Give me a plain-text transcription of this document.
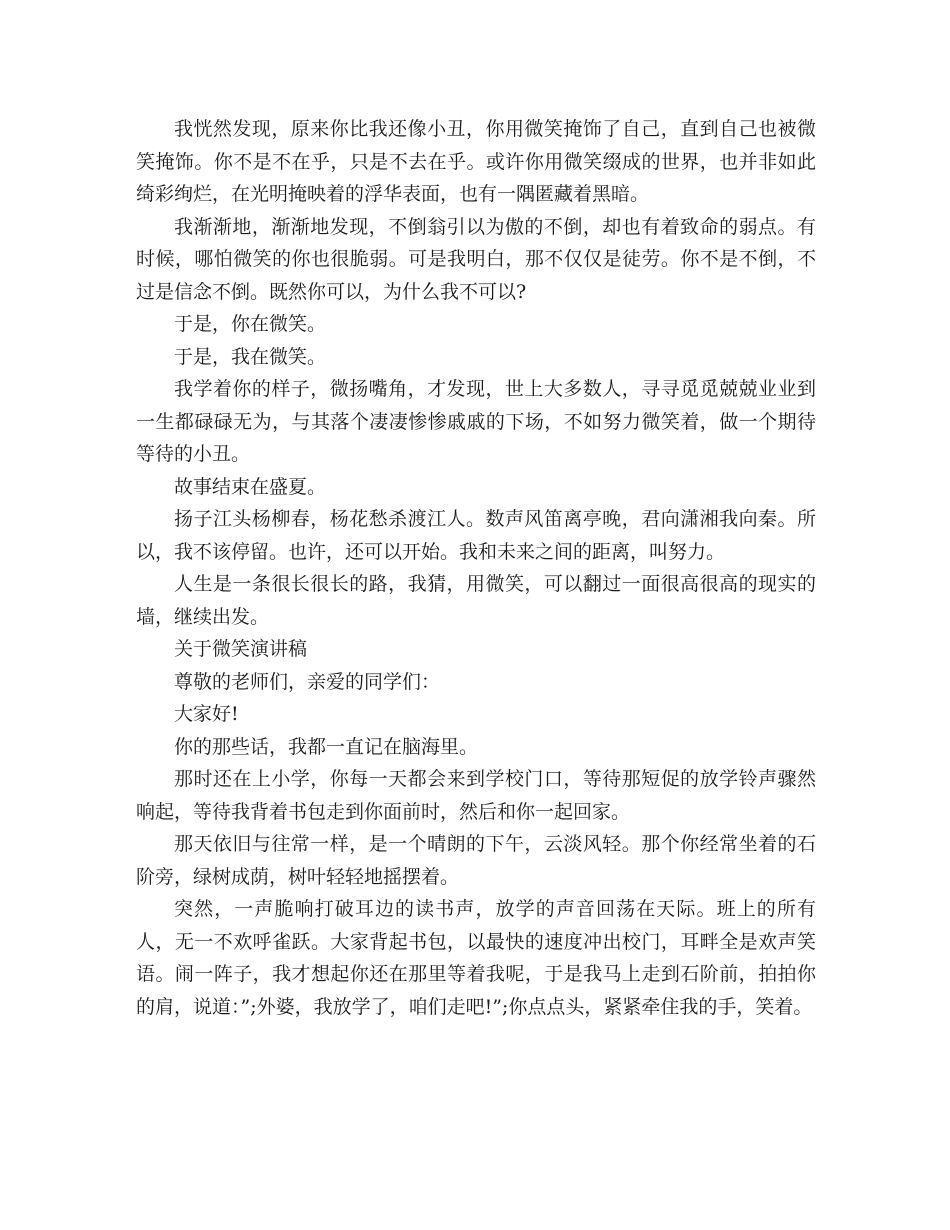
我恍然发现，原来你比我还像小丑，你用微笑掩饰了自己，直到自己也被微笑掩饰。你不是不在乎，只是不去在乎。或许你用微笑缀成的世界，也并非如此绮彩绚烂，在光明掩映着的浮华表面，也有一隅匿藏着黑暗。

我渐渐地，渐渐地发现，不倒翁引以为傲的不倒，却也有着致命的弱点。有时候，哪怕微笑的你也很脆弱。可是我明白，那不仅仅是徒劳。你不是不倒，不过是信念不倒。既然你可以，为什么我不可以?

于是，你在微笑。

于是，我在微笑。

我学着你的样子，微扬嘴角，才发现，世上大多数人，寻寻觅觅兢兢业业到一生都碌碌无为，与其落个凄凄惨惨戚戚的下场，不如努力微笑着，做一个期待等待的小丑。

故事结束在盛夏。

扬子江头杨柳春，杨花愁杀渡江人。数声风笛离亭晚，君向潇湘我向秦。所以，我不该停留。也许，还可以开始。我和未来之间的距离，叫努力。

人生是一条很长很长的路，我猜，用微笑，可以翻过一面很高很高的现实的墙，继续出发。

关于微笑演讲稿

尊敬的老师们，亲爱的同学们：

大家好!

你的那些话，我都一直记在脑海里。

那时还在上小学，你每一天都会来到学校门口，等待那短促的放学铃声骤然响起，等待我背着书包走到你面前时，然后和你一起回家。

那天依旧与往常一样，是一个晴朗的下午，云淡风轻。那个你经常坐着的石阶旁，绿树成荫，树叶轻轻地摇摆着。

突然，一声脆响打破耳边的读书声，放学的声音回荡在天际。班上的所有人，无一不欢呼雀跃。大家背起书包，以最快的速度冲出校门，耳畔全是欢声笑语。闹一阵子，我才想起你还在那里等着我呢，于是我马上走到石阶前，拍拍你的肩，说道：”;外婆，我放学了，咱们走吧!”;你点点头，紧紧牵住我的手，笑着。
